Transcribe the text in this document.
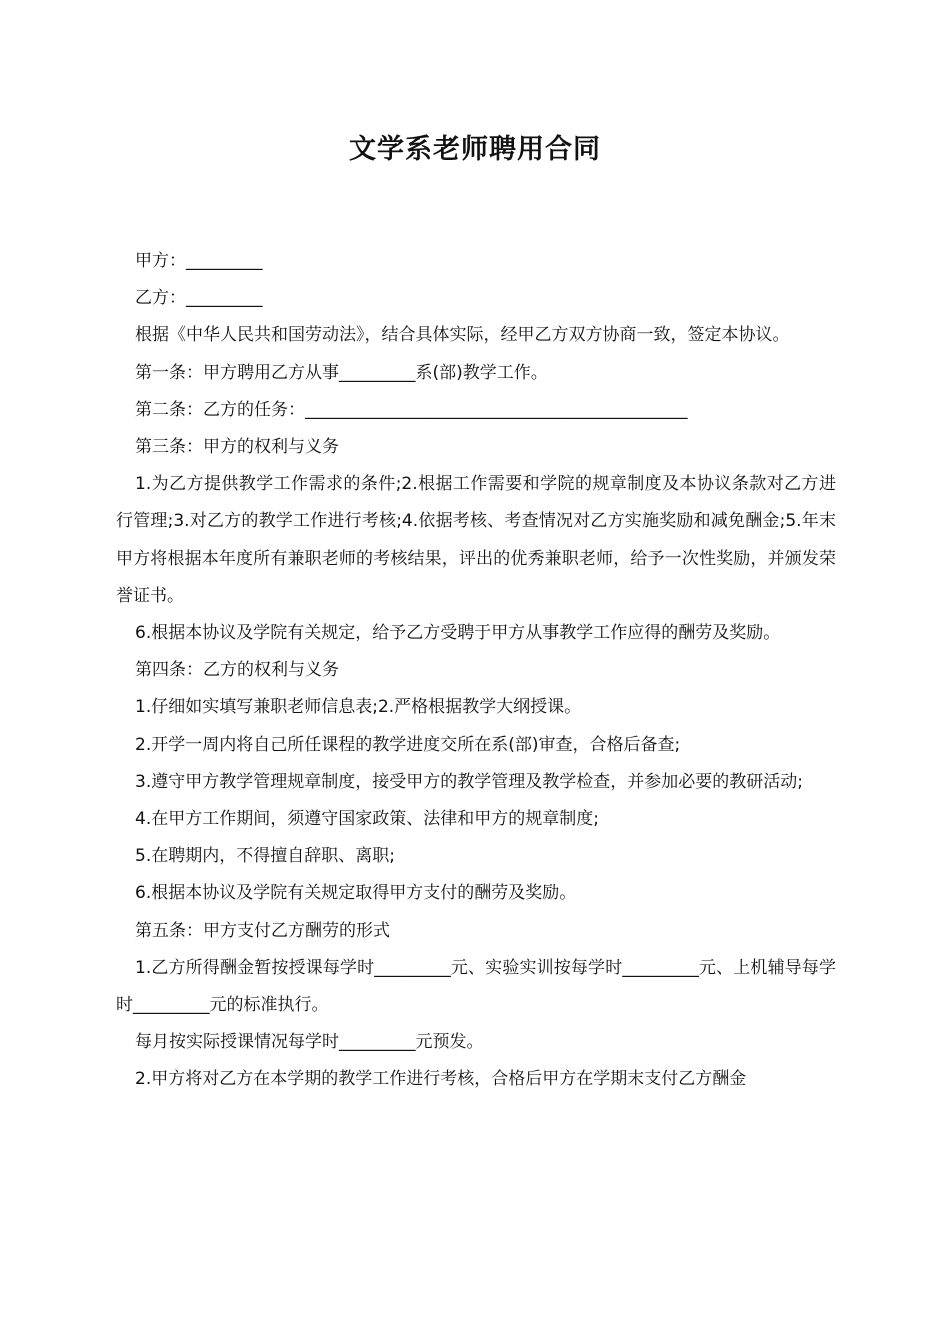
文学系老师聘用合同

甲方：_________

乙方：_________

根据《中华人民共和国劳动法》，结合具体实际，经甲乙方双方协商一致，签定本协议。

第一条：甲方聘用乙方从事_________系(部)教学工作。

第二条：乙方的任务：_____________________________________________

第三条：甲方的权利与义务

1.为乙方提供教学工作需求的条件;2.根据工作需要和学院的规章制度及本协议条款对乙方进行管理;3.对乙方的教学工作进行考核;4.依据考核、考查情况对乙方实施奖励和减免酬金;5.年末甲方将根据本年度所有兼职老师的考核结果，评出的优秀兼职老师，给予一次性奖励，并颁发荣誉证书。

6.根据本协议及学院有关规定，给予乙方受聘于甲方从事教学工作应得的酬劳及奖励。

第四条：乙方的权利与义务

1.仔细如实填写兼职老师信息表;2.严格根据教学大纲授课。

2.开学一周内将自己所任课程的教学进度交所在系(部)审查，合格后备查;

3.遵守甲方教学管理规章制度，接受甲方的教学管理及教学检查，并参加必要的教研活动;

4.在甲方工作期间，须遵守国家政策、法律和甲方的规章制度;

5.在聘期内，不得擅自辞职、离职;

6.根据本协议及学院有关规定取得甲方支付的酬劳及奖励。

第五条：甲方支付乙方酬劳的形式

1.乙方所得酬金暂按授课每学时_________元、实验实训按每学时_________元、上机辅导每学时_________元的标准执行。

每月按实际授课情况每学时_________元预发。

2.甲方将对乙方在本学期的教学工作进行考核，合格后甲方在学期末支付乙方酬金
